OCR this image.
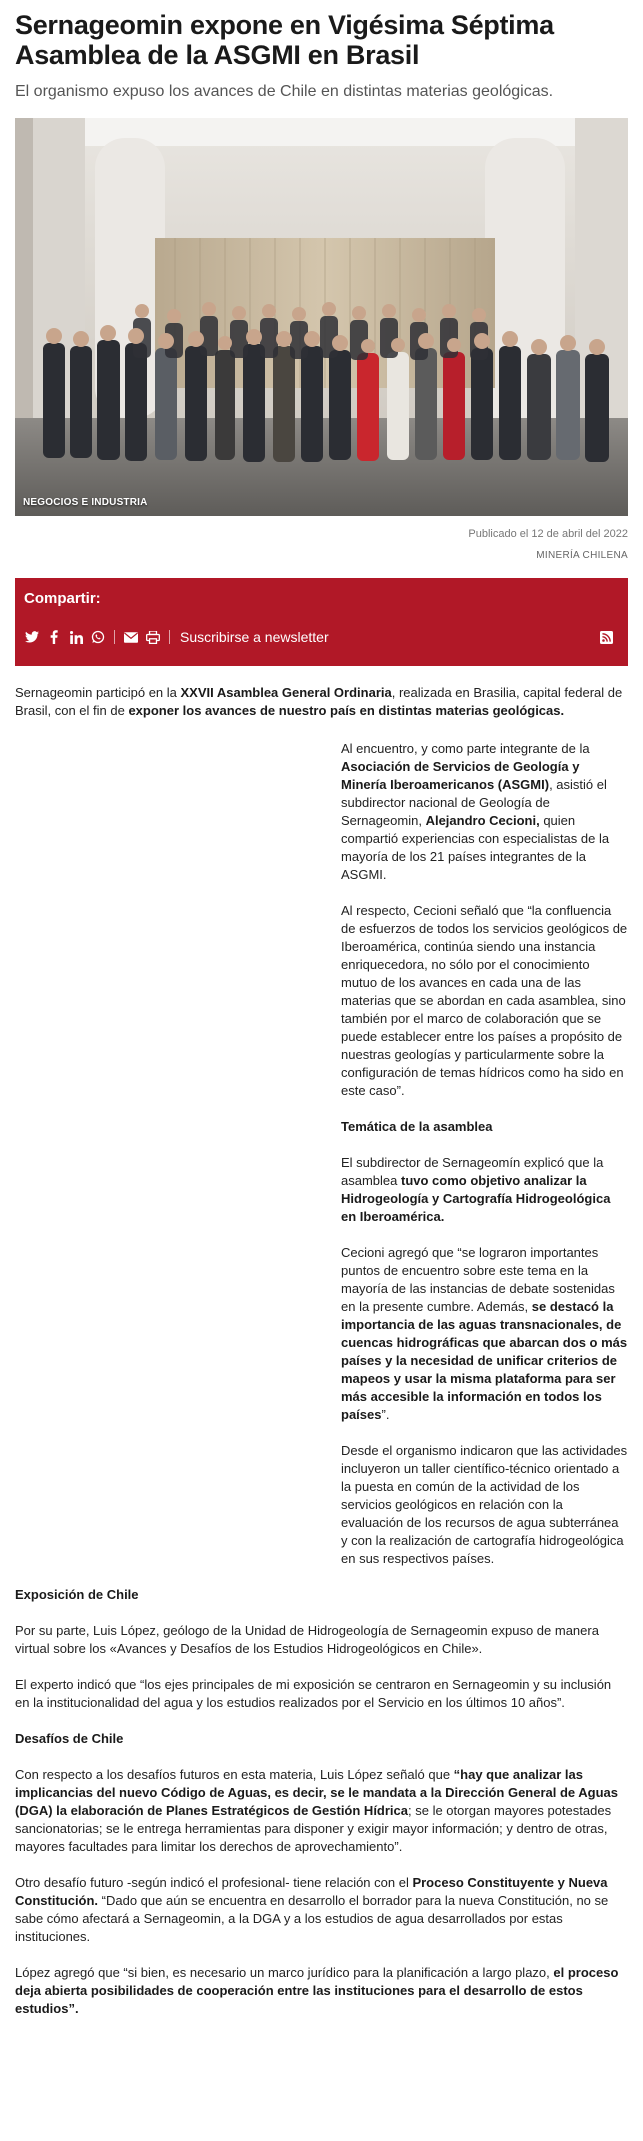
Sernageomin expone en Vigésima Séptima Asamblea de la ASGMI en Brasil

El organismo expuso los avances de Chile en distintas materias geológicas.

NEGOCIOS E INDUSTRIA
Publicado el 12 de abril del 2022
MINERÍA CHILENA
Compartir:
Suscribirse a newsletter

Sernageomin participó en la XXVII Asamblea General Ordinaria, realizada en Brasilia, capital federal de Brasil, con el fin de exponer los avances de nuestro país en distintas materias geológicas.

Al encuentro, y como parte integrante de la Asociación de Servicios de Geología y Minería Iberoamericanos (ASGMI), asistió el subdirector nacional de Geología de Sernageomin, Alejandro Cecioni, quien compartió experiencias con especialistas de la mayoría de los 21 países integrantes de la ASGMI.

Al respecto, Cecioni señaló que “la confluencia de esfuerzos de todos los servicios geológicos de Iberoamérica, continúa siendo una instancia enriquecedora, no sólo por el conocimiento mutuo de los avances en cada una de las materias que se abordan en cada asamblea, sino también por el marco de colaboración que se puede establecer entre los países a propósito de nuestras geologías y particularmente sobre la configuración de temas hídricos como ha sido en este caso”.

Temática de la asamblea

El subdirector de Sernageomín explicó que la asamblea tuvo como objetivo analizar la Hidrogeología y Cartografía Hidrogeológica en Iberoamérica.

Cecioni agregó que “se lograron importantes puntos de encuentro sobre este tema en la mayoría de las instancias de debate sostenidas en la presente cumbre. Además, se destacó la importancia de las aguas transnacionales, de cuencas hidrográficas que abarcan dos o más países y la necesidad de unificar criterios de mapeos y usar la misma plataforma para ser más accesible la información en todos los países”.

Desde el organismo indicaron que las actividades incluyeron un taller científico-técnico orientado a la puesta en común de la actividad de los servicios geológicos en relación con la evaluación de los recursos de agua subterránea y con la realización de cartografía hidrogeológica en sus respectivos países.

Exposición de Chile

Por su parte, Luis López, geólogo de la Unidad de Hidrogeología de Sernageomin expuso de manera virtual sobre los «Avances y Desafíos de los Estudios Hidrogeológicos en Chile».

El experto indicó que “los ejes principales de mi exposición se centraron en Sernageomin y su inclusión en la institucionalidad del agua y los estudios realizados por el Servicio en los últimos 10 años”.

Desafíos de Chile

Con respecto a los desafíos futuros en esta materia, Luis López señaló que “hay que analizar las implicancias del nuevo Código de Aguas, es decir, se le mandata a la Dirección General de Aguas (DGA) la elaboración de Planes Estratégicos de Gestión Hídrica; se le otorgan mayores potestades sancionatorias; se le entrega herramientas para disponer y exigir mayor información; y dentro de otras, mayores facultades para limitar los derechos de aprovechamiento”.

Otro desafío futuro -según indicó el profesional- tiene relación con el Proceso Constituyente y Nueva Constitución. “Dado que aún se encuentra en desarrollo el borrador para la nueva Constitución, no se sabe cómo afectará a Sernageomin, a la DGA y a los estudios de agua desarrollados por estas instituciones.

López agregó que “si bien, es necesario un marco jurídico para la planificación a largo plazo, el proceso deja abierta posibilidades de cooperación entre las instituciones para el desarrollo de estos estudios”.
